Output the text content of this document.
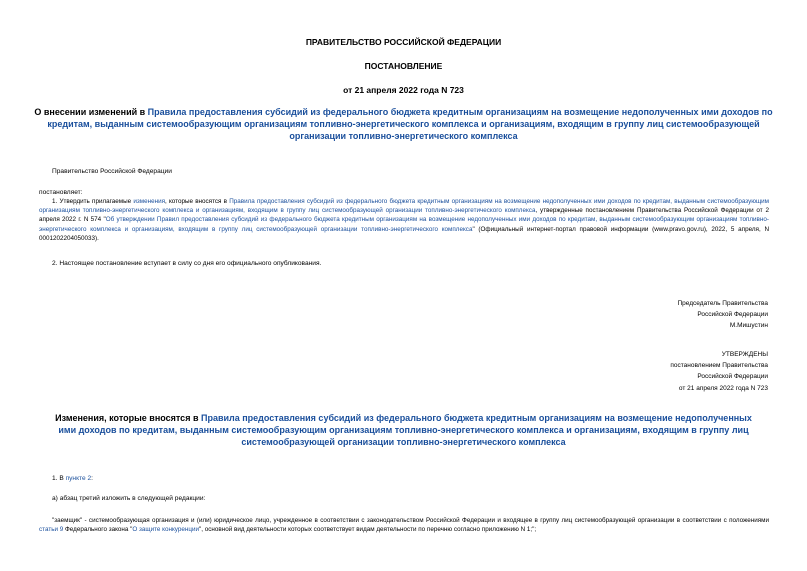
ПРАВИТЕЛЬСТВО РОССИЙСКОЙ ФЕДЕРАЦИИ
ПОСТАНОВЛЕНИЕ
от 21 апреля 2022 года N 723
О внесении изменений в Правила предоставления субсидий из федерального бюджета кредитным организациям на возмещение недополученных ими доходов по кредитам, выданным системообразующим организациям топливно-энергетического комплекса и организациям, входящим в группу лиц системообразующей организации топливно-энергетического комплекса
Правительство Российской Федерации
постановляет:
1. Утвердить прилагаемые изменения, которые вносятся в Правила предоставления субсидий из федерального бюджета кредитным организациям на возмещение недополученных ими доходов по кредитам, выданным системообразующим организациям топливно-энергетического комплекса и организациям, входящим в группу лиц системообразующей организации топливно-энергетического комплекса, утвержденные постановлением Правительства Российской Федерации от 2 апреля 2022 г. N 574 "Об утверждении Правил предоставления субсидий из федерального бюджета кредитным организациям на возмещение недополученных ими доходов по кредитам, выданным системообразующим организациям топливно-энергетического комплекса и организациям, входящим в группу лиц системообразующей организации топливно-энергетического комплекса" (Официальный интернет-портал правовой информации (www.pravo.gov.ru), 2022, 5 апреля, N 0001202204050033).
2. Настоящее постановление вступает в силу со дня его официального опубликования.
Председатель Правительства
Российской Федерации
М.Мишустин
УТВЕРЖДЕНЫ
постановлением Правительства
Российской Федерации
от 21 апреля 2022 года N 723
Изменения, которые вносятся в Правила предоставления субсидий из федерального бюджета кредитным организациям на возмещение недополученных ими доходов по кредитам, выданным системообразующим организациям топливно-энергетического комплекса и организациям, входящим в группу лиц системообразующей организации топливно-энергетического комплекса
1. В пункте 2:
а) абзац третий изложить в следующей редакции:
"заемщик" - системообразующая организация и (или) юридическое лицо, учрежденное в соответствии с законодательством Российской Федерации и входящее в группу лиц системообразующей организации в соответствии с положениями статьи 9 Федерального закона "О защите конкуренции", основной вид деятельности которых соответствует видам деятельности по перечню согласно приложению N 1;";
